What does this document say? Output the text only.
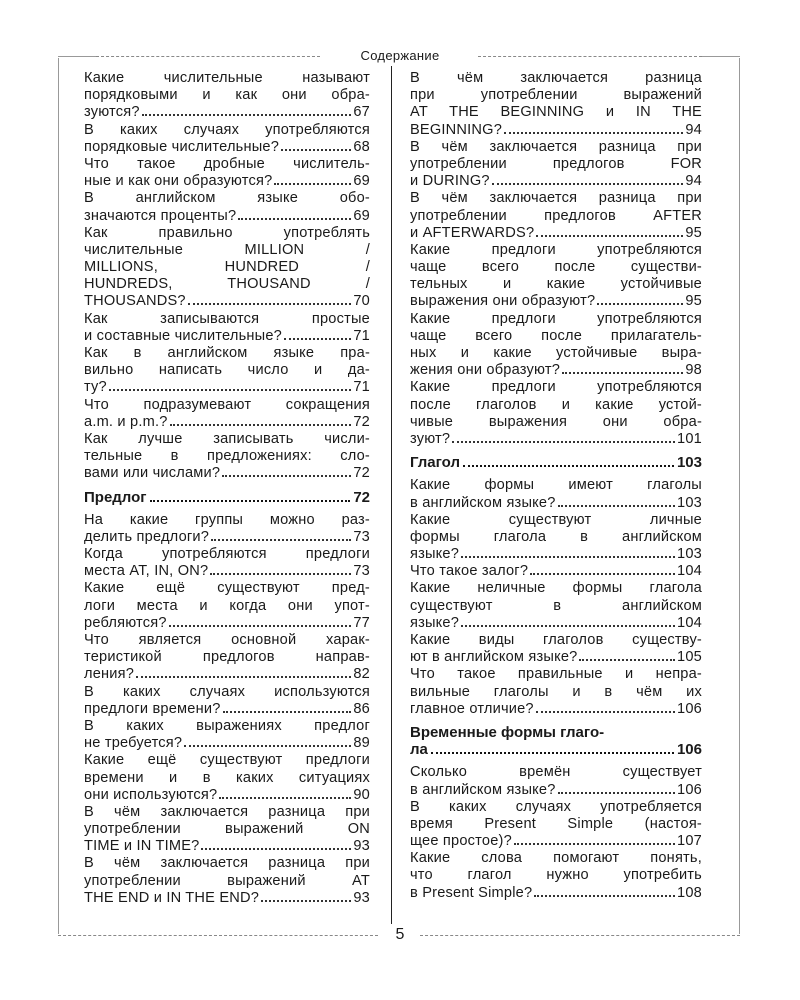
Содержание
Какие числительные называют
порядковыми и как они обра-
зуются?	67
В каких случаях употребляются
порядковые числительные?	68
Что такое дробные числитель-
ные и как они образуются?	69
В английском языке обо-
значаются проценты?	69
Как правильно употреблять
числительные MILLION /
MILLIONS, HUNDRED /
HUNDREDS, THOUSAND /
THOUSANDS?	70
Как записываются простые
и составные числительные?	71
Как в английском языке пра-
вильно написать число и да-
ту?	71
Что подразумевают сокращения
a.m. и p.m.?	72
Как лучше записывать числи-
тельные в предложениях: сло-
вами или числами?	72
Предлог	72
На какие группы можно раз-
делить предлоги?	73
Когда употребляются предлоги
места AT, IN, ON?	73
Какие ещё существуют пред-
логи места и когда они упот-
ребляются?	77
Что является основной харак-
теристикой предлогов направ-
ления?	82
В каких случаях используются
предлоги времени?	86
В каких выражениях предлог
не требуется?	89
Какие ещё существуют предлоги
времени и в каких ситуациях
они используются?	90
В чём заключается разница при
употреблении выражений ON
TIME и IN TIME?	93
В чём заключается разница при
употреблении выражений AT
THE END и IN THE END?	93
В чём заключается разница
при употреблении выражений
AT THE BEGINNING и IN THE
BEGINNING?	94
В чём заключается разница при
употреблении предлогов FOR
и DURING?	94
В чём заключается разница при
употреблении предлогов AFTER
и AFTERWARDS?	95
Какие предлоги употребляются
чаще всего после существи-
тельных и какие устойчивые
выражения они образуют?	95
Какие предлоги употребляются
чаще всего после прилагатель-
ных и какие устойчивые выра-
жения они образуют?	98
Какие предлоги употребляются
после глаголов и какие устой-
чивые выражения они обра-
зуют?	101
Глагол	103
Какие формы имеют глаголы
в английском языке?	103
Какие существуют личные
формы глагола в английском
языке?	103
Что такое залог?	104
Какие неличные формы глагола
существуют в английском
языке?	104
Какие виды глаголов существу-
ют в английском языке?	105
Что такое правильные и непра-
вильные глаголы и в чём их
главное отличие?	106
Временные формы глаго-
ла	106
Сколько времён существует
в английском языке?	106
В каких случаях употребляется
время Present Simple (настоя-
щее простое)?	107
Какие слова помогают понять,
что глагол нужно употребить
в Present Simple?	108
5
